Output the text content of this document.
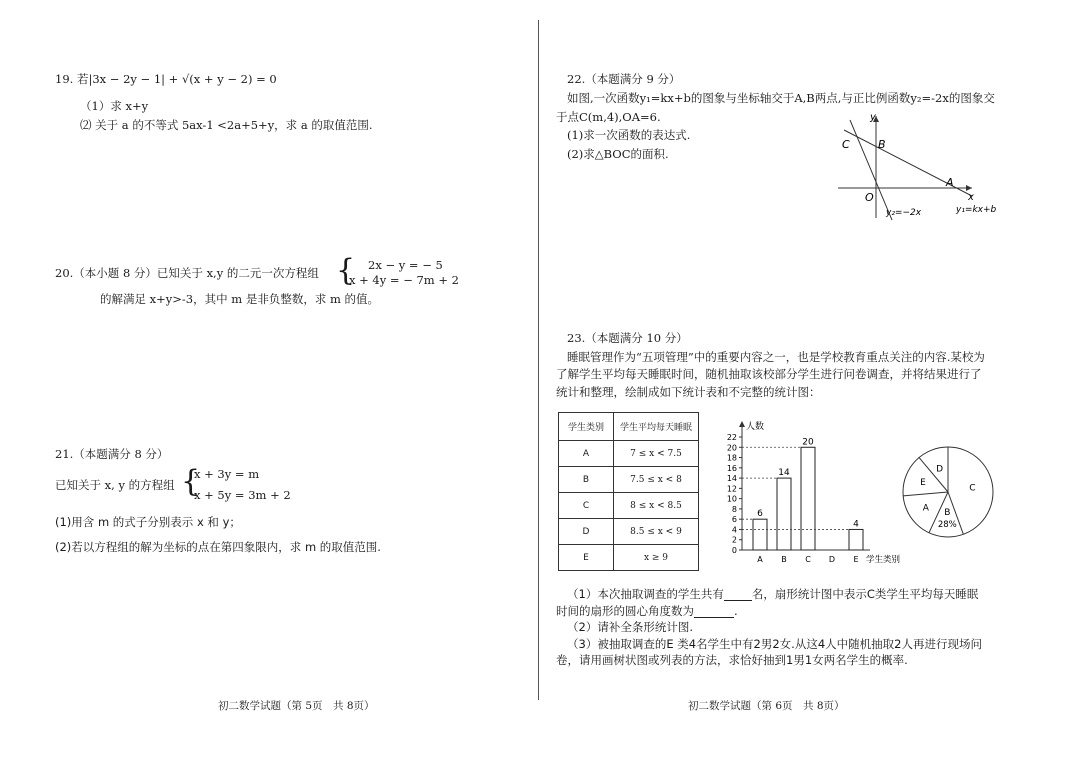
19. 若|3x − 2y − 1| + √(x + y − 2) = 0
（1）求 x+y
⑵ 关于 a 的不等式 5ax-1 <2a+5+y，求 a 的取值范围.
20.（本小题 8 分）已知关于 x,y 的二元一次方程组 { 2x − y = − 5
x + 4y = − 7m + 2
的解满足 x+y>-3，其中 m 是非负整数，求 m 的值。
21.（本题满分 8 分）
已知关于 x, y 的方程组 {
x + 3y = m
x + 5y = 3m + 2
(1)用含 m 的式子分别表示 x 和 y；
(2)若以方程组的解为坐标的点在第四象限内，求 m 的取值范围.
初二数学试题（第 5页　共 8页）
22.（本题满分 9 分）
如图,一次函数y₁=kx+b的图象与坐标轴交于A,B两点,与正比例函数y₂=-2x的图象交
于点C(m,4),OA=6.
(1)求一次函数的表达式.
(2)求△BOC的面积.
y
x
C	B
O
A
y₂=−2x	y₁=kx+b
23.（本题满分 10 分）
睡眠管理作为“五项管理”中的重要内容之一，也是学校教育重点关注的内容.某校为
了解学生平均每天睡眠时间，随机抽取该校部分学生进行问卷调查，并将结果进行了
统计和整理，绘制成如下统计表和不完整的统计图：
学生类别	学生平均每天睡眠
A	7 ≤ x < 7.5
B	7.5 ≤ x < 8
C	8 ≤ x < 8.5
D	8.5 ≤ x < 9
E	x ≥ 9
人数
0
2
4
6
8
10
12
14
16
18
20
22
A
6
B
14
C
20
D E
4
学生类别
A B
C
D
E
28%
（1）本次抽取调查的学生共有 名，扇形统计图中表示C类学生平均每天睡眠
时间的扇形的圆心角度数为	.
（2）请补全条形统计图.
（3）被抽取调查的E 类4名学生中有2男2女.从这4人中随机抽取2人再进行现场问
卷，请用画树状图或列表的方法，求恰好抽到1男1女两名学生的概率.
初二数学试题（第 6页　共 8页）
